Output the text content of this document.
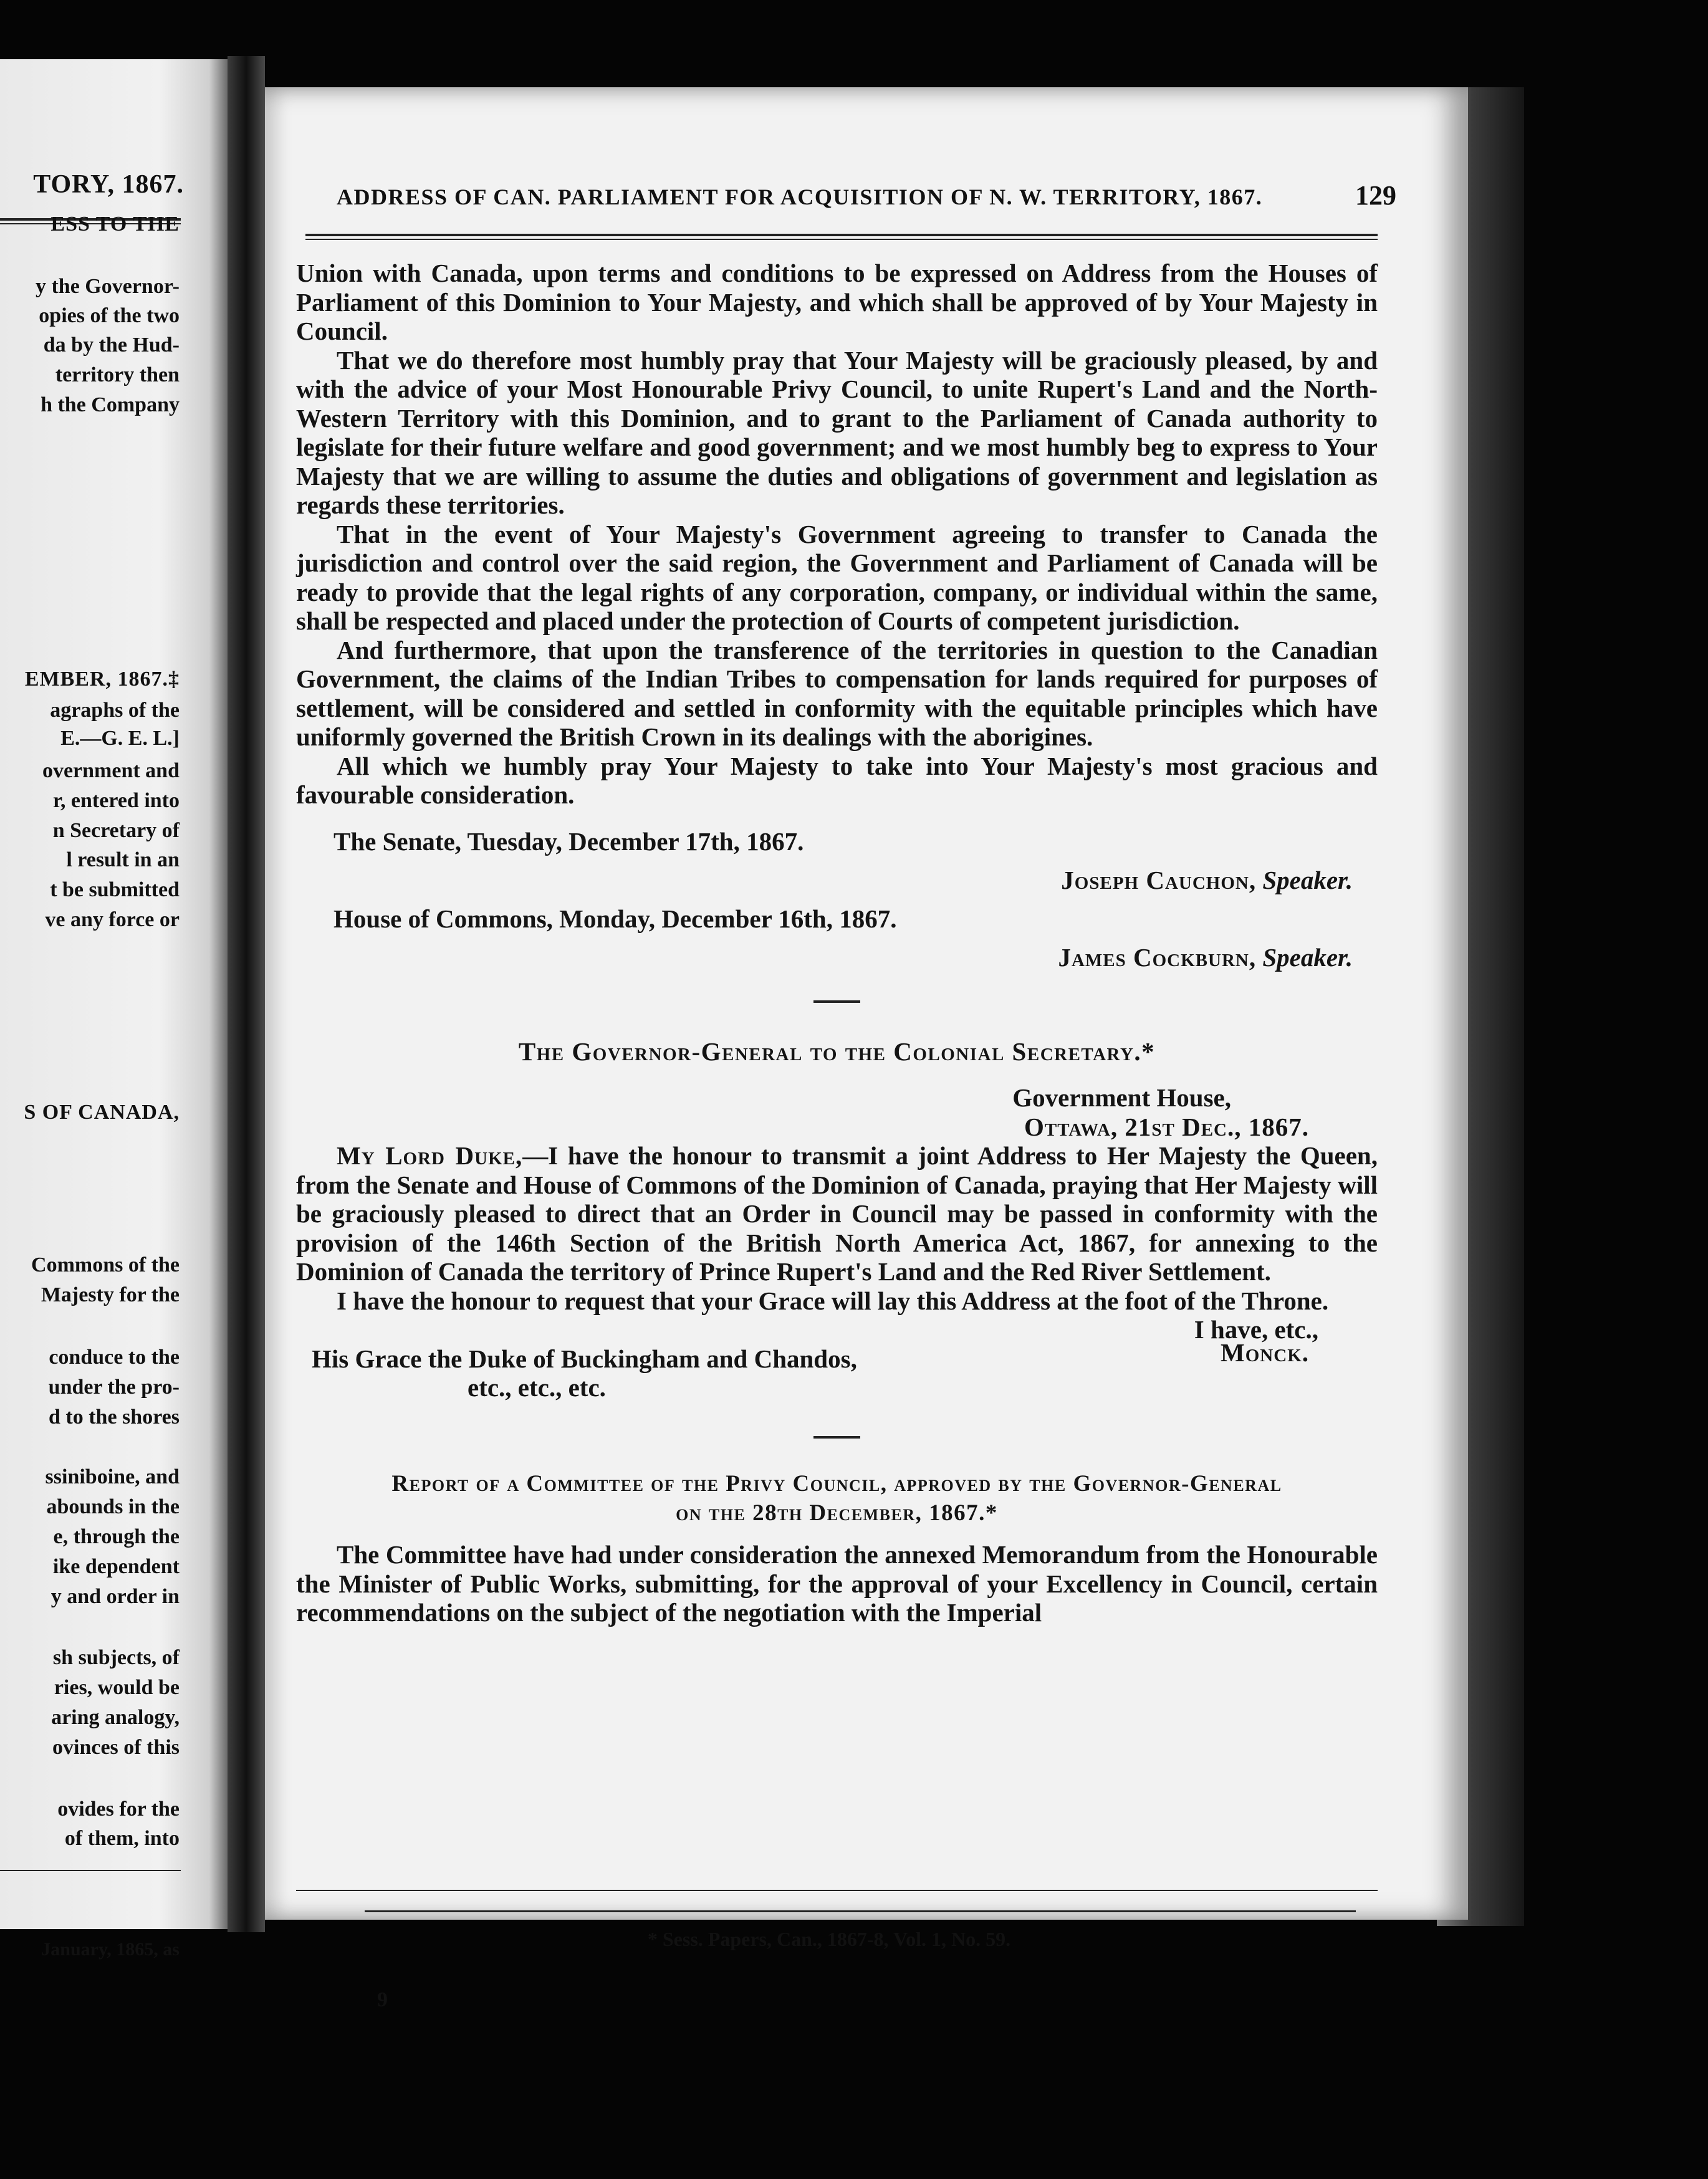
TORY, 1867.
ESS TO THE
y the Governor-
opies of the two
da by the Hud-
territory then
h the Company
EMBER, 1867.‡
agraphs of the
E.—G. E. L.]
overnment and
r, entered into
n Secretary of
l result in an
t be submitted
ve any force or
S OF CANADA,
Commons of the
Majesty for the
conduce to the
under the pro-
d to the shores
ssiniboine, and
abounds in the
e, through the
ike dependent
y and order in
sh subjects, of
ries, would be
aring analogy,
ovinces of this
ovides for the
of them, into
January, 1865, as
ADDRESS OF CAN. PARLIAMENT FOR ACQUISITION OF N. W. TERRITORY, 1867.	129

Union with Canada, upon terms and conditions to be expressed on Address from the Houses of Parliament of this Dominion to Your Majesty, and which shall be approved of by Your Majesty in Council.

That we do therefore most humbly pray that Your Majesty will be graciously pleased, by and with the advice of your Most Honourable Privy Council, to unite Rupert's Land and the North-Western Territory with this Dominion, and to grant to the Parliament of Canada authority to legislate for their future welfare and good government; and we most humbly beg to express to Your Majesty that we are willing to assume the duties and obligations of government and legislation as regards these territories.

That in the event of Your Majesty's Government agreeing to transfer to Canada the jurisdiction and control over the said region, the Government and Parliament of Canada will be ready to provide that the legal rights of any corporation, company, or individual within the same, shall be respected and placed under the protection of Courts of competent jurisdiction.

And furthermore, that upon the transference of the territories in question to the Canadian Government, the claims of the Indian Tribes to compensation for lands required for purposes of settlement, will be considered and settled in conformity with the equitable principles which have uniformly governed the British Crown in its dealings with the aborigines.

All which we humbly pray Your Majesty to take into Your Majesty's most gracious and favourable consideration.

The Senate, Tuesday, December 17th, 1867.
Joseph Cauchon, Speaker.
House of Commons, Monday, December 16th, 1867.
James Cockburn, Speaker.
The Governor-General to the Colonial Secretary.*
Government House,
Ottawa, 21st Dec., 1867.

My Lord Duke,—I have the honour to transmit a joint Address to Her Majesty the Queen, from the Senate and House of Commons of the Dominion of Canada, praying that Her Majesty will be graciously pleased to direct that an Order in Council may be passed in conformity with the provision of the 146th Section of the British North America Act, 1867, for annexing to the Dominion of Canada the territory of Prince Rupert's Land and the Red River Settlement.

I have the honour to request that your Grace will lay this Address at the foot of the Throne.

I have, etc.,
His Grace the Duke of Buckingham and Chandos,	Monck.
etc., etc., etc.
Report of a Committee of the Privy Council, approved by the Governor-General
on the 28th December, 1867.*

The Committee have had under consideration the annexed Memorandum from the Honourable the Minister of Public Works, submitting, for the approval of your Excellency in Council, certain recommendations on the subject of the negotiation with the Imperial

* Sess. Papers, Can., 1867-8, Vol. 1, No. 59.
9
